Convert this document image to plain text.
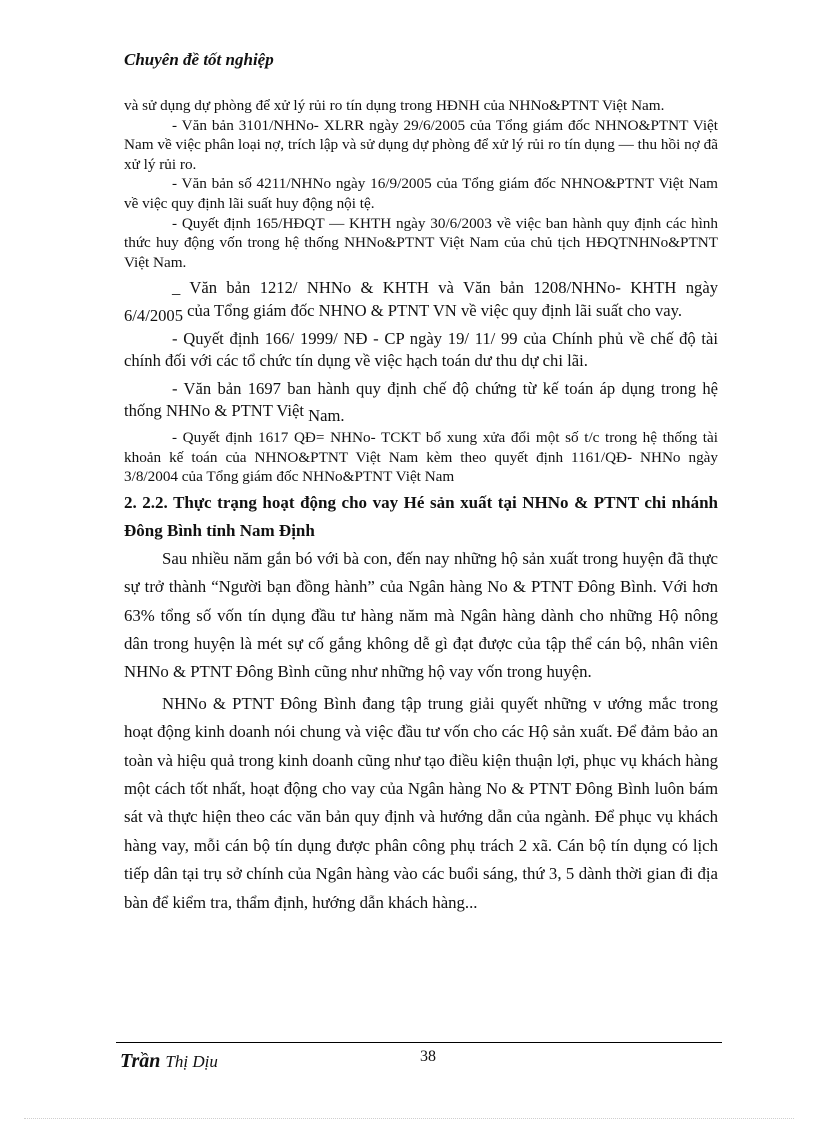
Chuyên đề tốt nghiệp

và sử dụng dự phòng để xử lý rủi ro tín dụng trong HĐNH của NHNo&PTNT Việt Nam.

- Văn bản 3101/NHNo- XLRR ngày 29/6/2005 của Tổng giám đốc NHNO&PTNT Việt Nam về việc phân loại nợ, trích lập và sử dụng dự phòng để xử lý rủi ro tín dụng — thu hồi nợ đã xử lý rủi ro.

- Văn bản số 4211/NHNo ngày 16/9/2005 của Tổng giám đốc NHNO&PTNT Việt Nam về việc quy định lãi suất huy động nội tệ.

- Quyết định 165/HĐQT — KHTH ngày 30/6/2003 về việc ban hành quy định các hình thức huy động vốn trong hệ thống NHNo&PTNT Việt Nam của chủ tịch HĐQTNHNo&PTNT Việt Nam.

_ Văn bản 1212/ NHNo & KHTH và Văn bản 1208/NHNo- KHTH ngày 6/4/2005 của Tổng giám đốc NHNO & PTNT VN về việc quy định lãi suất cho vay.

- Quyết định 166/ 1999/ NĐ - CP ngày 19/ 11/ 99 của Chính phủ về chế độ tài chính đối với các tổ chức tín dụng về việc hạch toán dư thu dự chi lãi.

- Văn bản 1697 ban hành quy định chế độ chứng từ kế toán áp dụng trong hệ thống NHNo & PTNT Việt Nam.

- Quyết định 1617 QĐ= NHNo- TCKT bổ xung xửa đổi một số t/c trong hệ thống tài khoản kế toán của NHNO&PTNT Việt Nam kèm theo quyết định 1161/QĐ- NHNo ngày 3/8/2004 của Tổng giám đốc NHNo&PTNT Việt Nam

2. 2.2. Thực trạng hoạt động cho vay Hé sản xuất tại NHNo & PTNT chi nhánh Đông Bình tỉnh Nam Định

Sau nhiều năm gắn bó với bà con, đến nay những hộ sản xuất trong huyện đã thực sự trở thành “Người bạn đồng hành” của Ngân hàng No & PTNT Đông Bình. Với hơn 63% tổng số vốn tín dụng đầu tư hàng năm mà Ngân hàng dành cho những Hộ nông dân trong huyện là mét sự cố gắng không dễ gì đạt được của tập thể cán bộ, nhân viên NHNo & PTNT Đông Bình cũng như những hộ vay vốn trong huyện.

NHNo & PTNT Đông Bình đang tập trung giải quyết những v ướng mắc trong hoạt động kinh doanh nói chung và việc đầu tư vốn cho các Hộ sản xuất. Để đảm bảo an toàn và hiệu quả trong kinh doanh cũng như tạo điều kiện thuận lợi, phục vụ khách hàng một cách tốt nhất, hoạt động cho vay của Ngân hàng No & PTNT Đông Bình luôn bám sát và thực hiện theo các văn bản quy định và hướng dẫn của ngành. Để phục vụ khách hàng vay, mỗi cán bộ tín dụng được phân công phụ trách 2 xã. Cán bộ tín dụng có lịch tiếp dân tại trụ sở chính của Ngân hàng vào các buổi sáng, thứ 3, 5 dành thời gian đi địa bàn để kiểm tra, thẩm định, hướng dẫn khách hàng...

Trần Thị Dịu	38
